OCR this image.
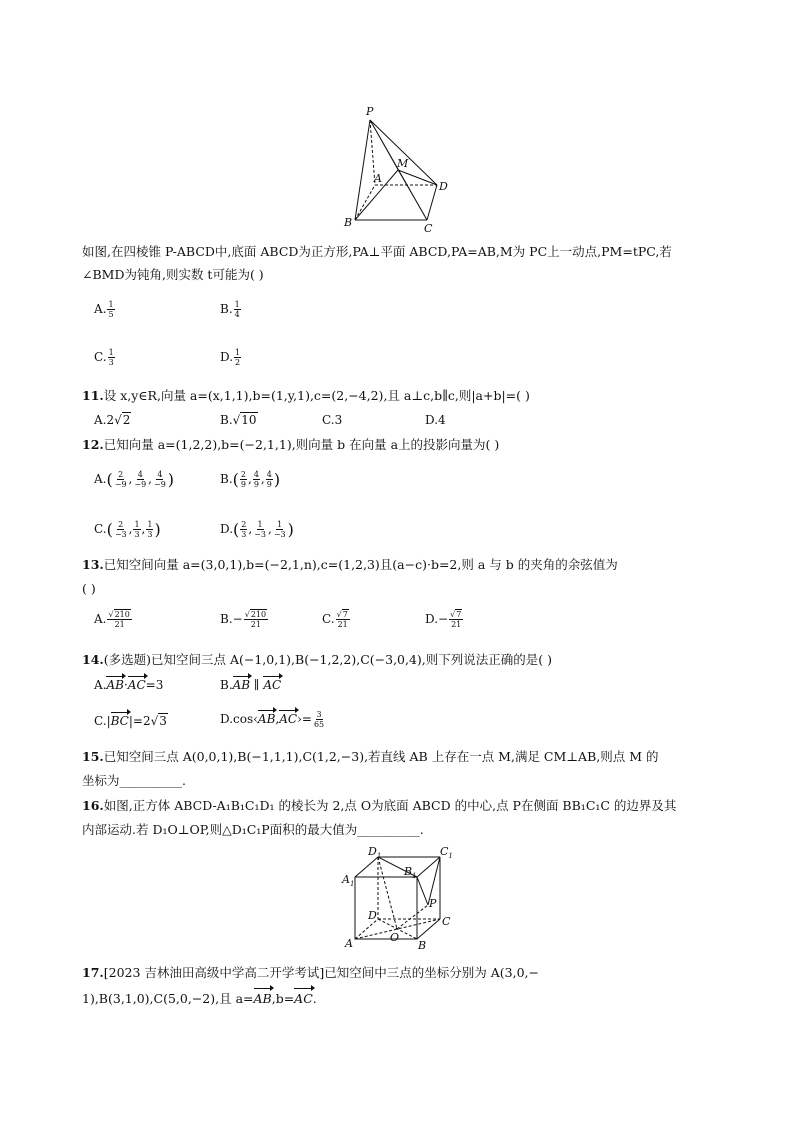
P
M
A
D
B	C
如图,在四棱锥 P-ABCD中,底面 ABCD为正方形,PA⊥平面 ABCD,PA=AB,M为 PC上一动点,PM=tPC,若
∠BMD为钝角,则实数 t可能为( )
A. $\frac{1}{5}$	B. $\frac{1}{4}$
C. $\frac{1}{3}$	D. $\frac{1}{2}$
11.设 x,y∈R,向量 a=(x,1,1),b=(1,y,1),c=(2,−4,2),且 a⊥c,b∥c,则|a+b|=( )
A.2√2	B.√10	C.3	D.4
12.已知向量 a=(1,2,2),b=(−2,1,1),则向量 b 在向量 a上的投影向量为( )
$A.( \frac{2}{-9}$ , $\frac{4}{-9}$ , $\frac{4}{-9}$ )	$B.( \frac{2}{9}$ , $\frac{4}{9}$ , $\frac{4}{9}$ )
$C.( \frac{2}{-3}$ , $\frac{1}{3}$ , $\frac{1}{3}$ )	$D.( \frac{2}{3}$ , $\frac{1}{-3}$ , $\frac{1}{-3}$ )
13.已知空间向量 a=(3,0,1),b=(−2,1,n),c=(1,2,3)且(a−c)·b=2,则 a 与 b 的夹角的余弦值为
( )
A. $\frac{√210}{21}$	$B.- \frac{√210}{21}$	C. $\frac{√7}{21}$	$D.- \frac{√7}{21}$
14.(多选题)已知空间三点 A(−1,0,1),B(−1,2,2),C(−3,0,4),则下列说法正确的是( )
A.AB·AC=3	B.AB ∥ AC
C.|BC|=2√3	D.cos‹AB,AC›= $\frac{3}{65}$
15.已知空间三点 A(0,0,1),B(−1,1,1),C(1,2,−3),若直线 AB 上存在一点 M,满足 CM⊥AB,则点 M 的
坐标为__________.
16.如图,正方体 ABCD-A₁B₁C₁D₁ 的棱长为 2,点 O为底面 ABCD 的中心,点 P在侧面 BB₁C₁C 的边界及其
内部运动.若 D₁O⊥OP,则△D₁C₁P面积的最大值为__________.
$D_1$	$C_1$
$A_1$
$B_1$
P
D	C
O
A	B
17.[2023 吉林油田高级中学高二开学考试]已知空间中三点的坐标分别为 A(3,0,−
1),B(3,1,0),C(5,0,−2),且 a=AB,b=AC.
